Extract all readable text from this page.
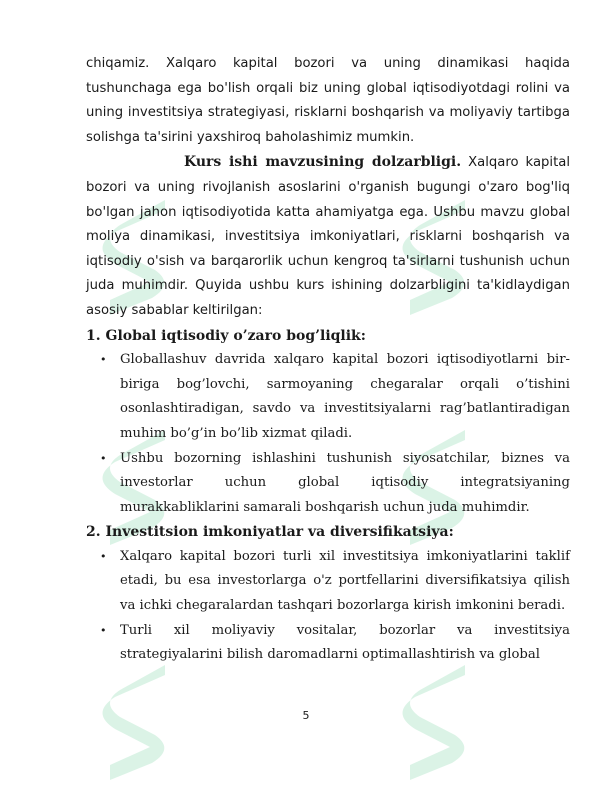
chiqamiz. Xalqaro kapital bozori va uning dinamikasi haqida tushunchaga ega bo'lish orqali biz uning global iqtisodiyotdagi rolini va uning investitsiya strategiyasi, risklarni boshqarish va moliyaviy tartibga solishga ta'sirini yaxshiroq baholashimiz mumkin.

Kurs ishi mavzusining dolzarbligi. Xalqaro kapital bozori va uning rivojlanish asoslarini o'rganish bugungi o'zaro bog'liq bo'lgan jahon iqtisodiyotida katta ahamiyatga ega. Ushbu mavzu global moliya dinamikasi, investitsiya imkoniyatlari, risklarni boshqarish va iqtisodiy o'sish va barqarorlik uchun kengroq ta'sirlarni tushunish uchun juda muhimdir. Quyida ushbu kurs ishining dolzarbligini ta'kidlaydigan asosiy sabablar keltirilgan:

1. Global iqtisodiy o’zaro bog’liqlik:

• Globallashuv davrida xalqaro kapital bozori iqtisodiyotlarni bir-biriga bog’lovchi, sarmoyaning chegaralar orqali o’tishini osonlashtiradigan, savdo va investitsiyalarni rag’batlantiradigan muhim bo’g’in bo’lib xizmat qiladi.
• Ushbu bozorning ishlashini tushunish siyosatchilar, biznes va investorlar uchun global iqtisodiy integratsiyaning murakkabliklarini samarali boshqarish uchun juda muhimdir.

2. Investitsion imkoniyatlar va diversifikatsiya:

• Xalqaro kapital bozori turli xil investitsiya imkoniyatlarini taklif etadi, bu esa investorlarga o'z portfellarini diversifikatsiya qilish va ichki chegaralardan tashqari bozorlarga kirish imkonini beradi.
• Turli xil moliyaviy vositalar, bozorlar va investitsiya strategiyalarini bilish daromadlarni optimallashtirish va global
5
